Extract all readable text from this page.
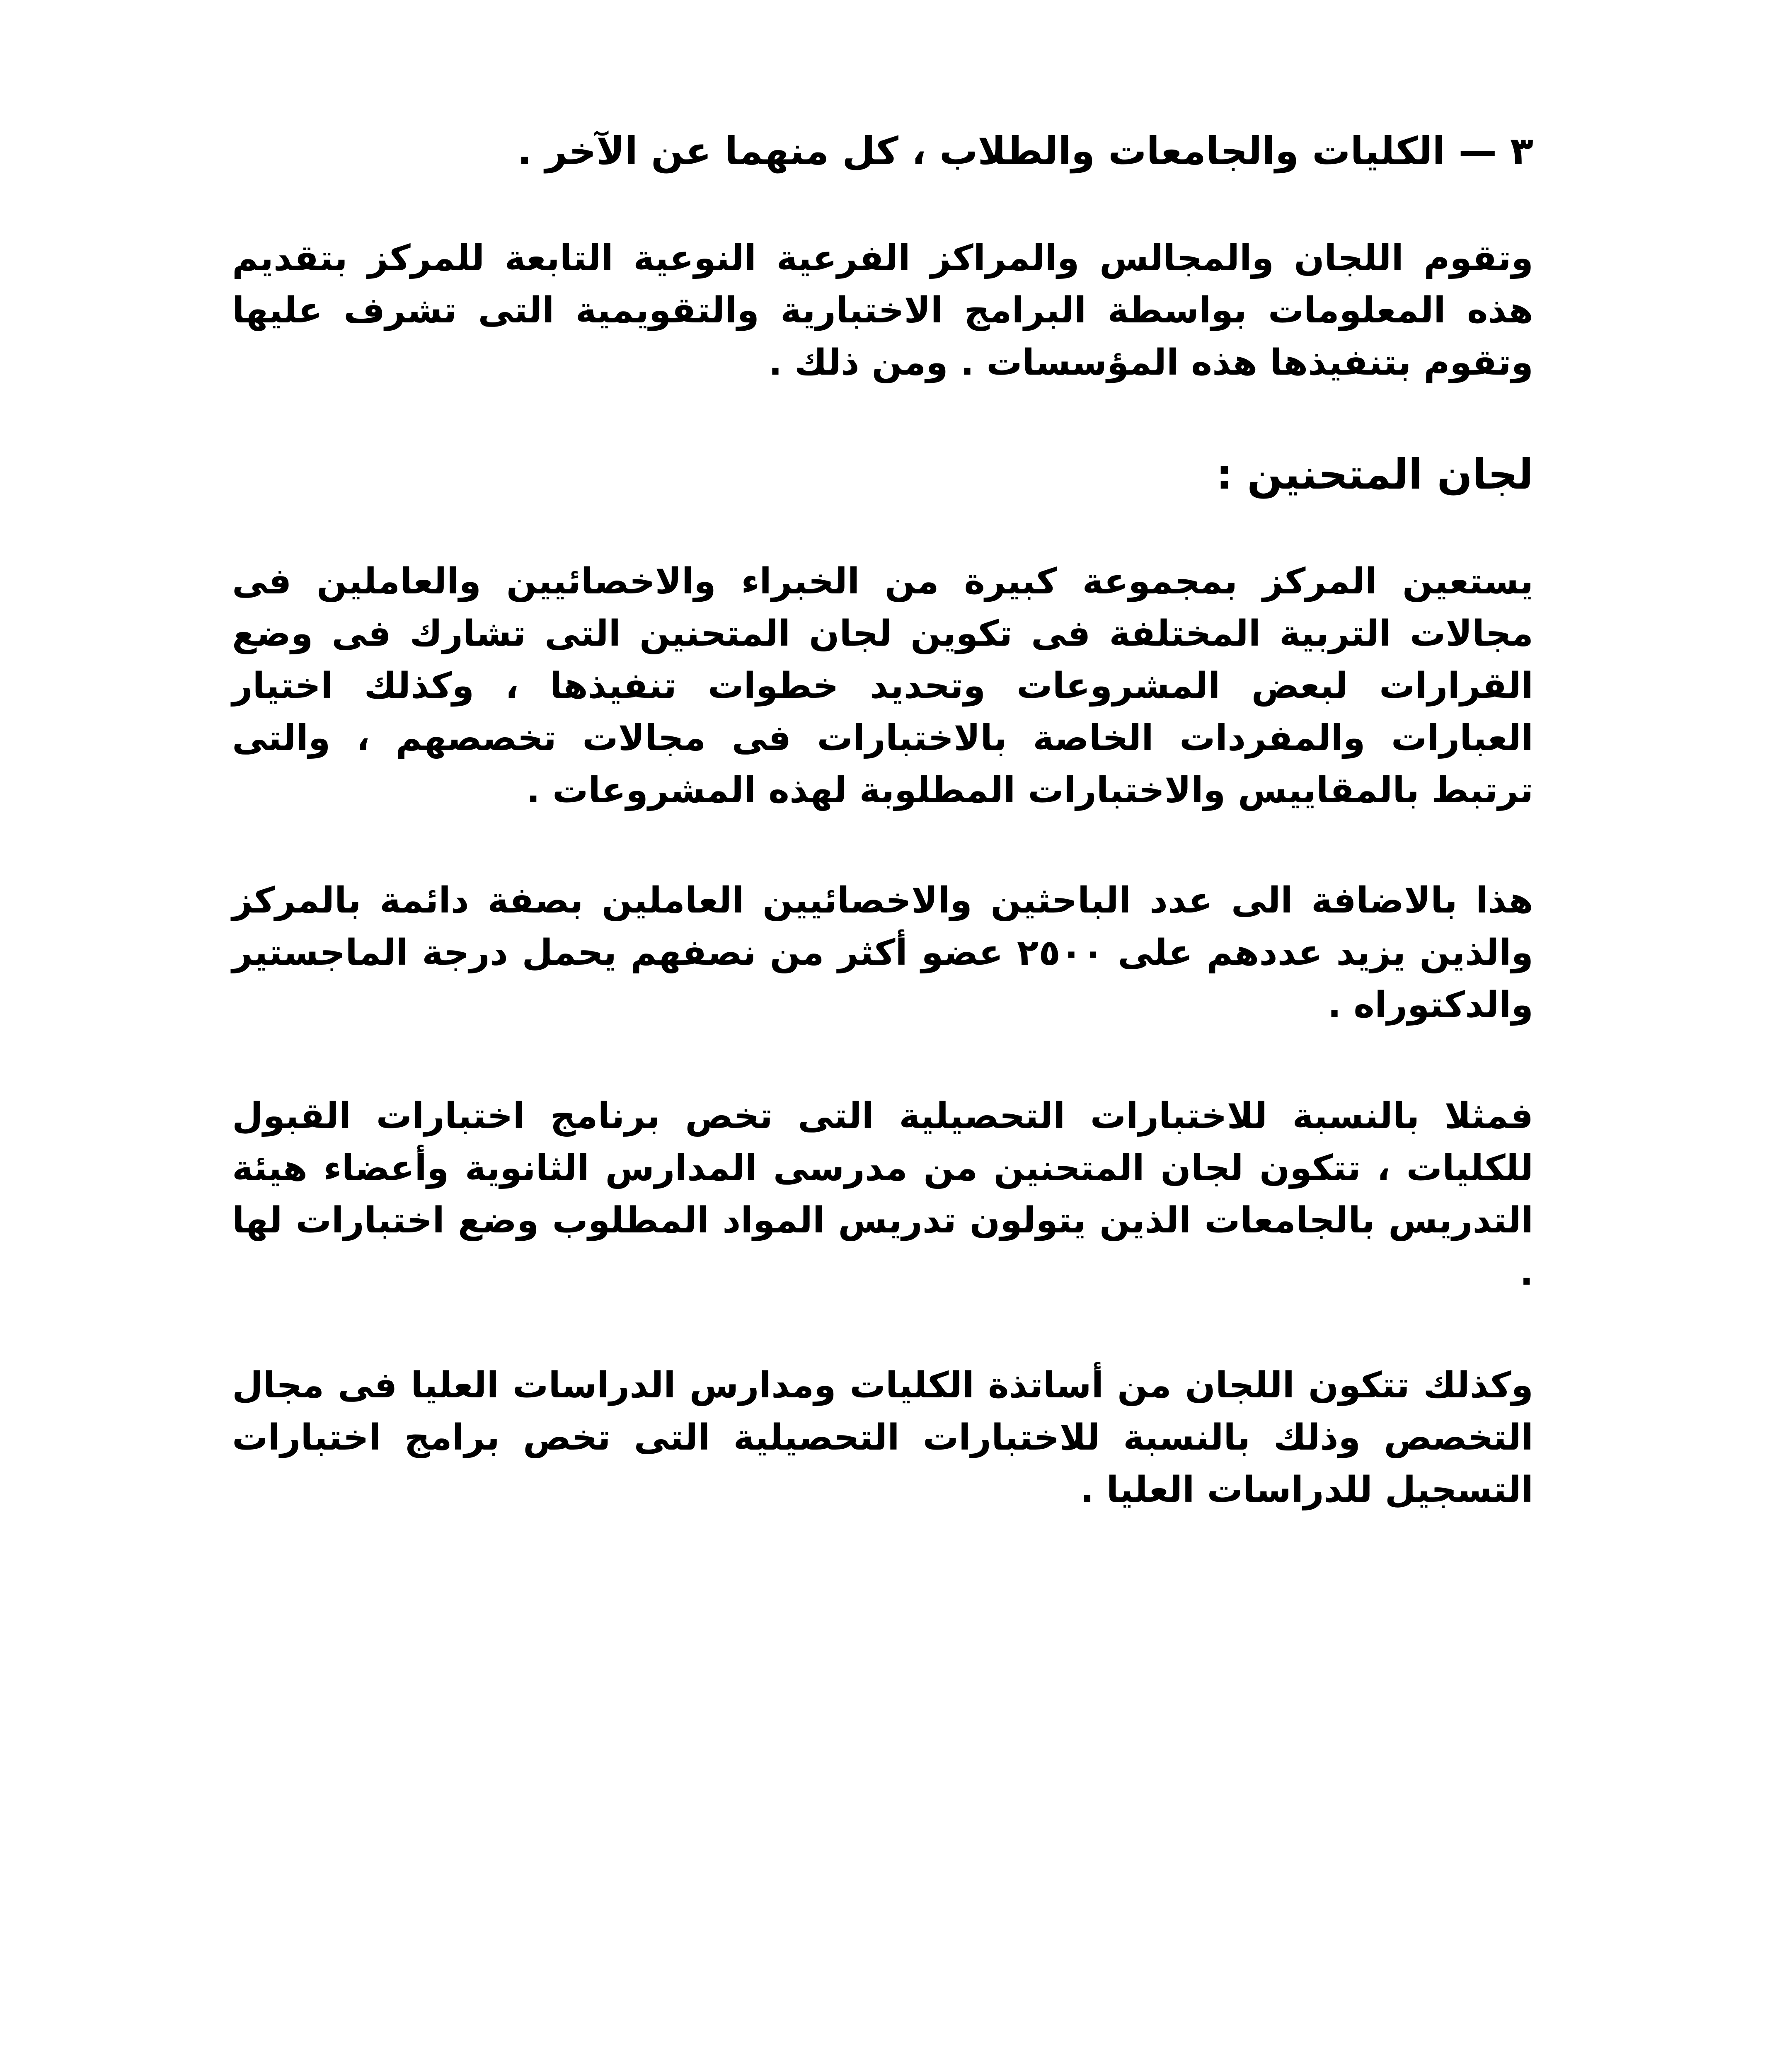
٣ — الكليات والجامعات والطلاب ، كل منهما عن الآخر .

وتقوم اللجان والمجالس والمراكز الفرعية النوعية التابعة للمركز بتقديم هذه المعلومات بواسطة البرامج الاختبارية والتقويمية التى تشرف عليها وتقوم بتنفيذها هذه المؤسسات . ومن ذلك .

لجان المتحنين :

يستعين المركز بمجموعة كبيرة من الخبراء والاخصائيين والعاملين فى مجالات التربية المختلفة فى تكوين لجان المتحنين التى تشارك فى وضع القرارات لبعض المشروعات وتحديد خطوات تنفيذها ، وكذلك اختيار العبارات والمفردات الخاصة بالاختبارات فى مجالات تخصصهم ، والتى ترتبط بالمقاييس والاختبارات المطلوبة لهذه المشروعات .

هذا بالاضافة الى عدد الباحثين والاخصائيين العاملين بصفة دائمة بالمركز والذين يزيد عددهم على ٢٥٠٠ عضو أكثر من نصفهم يحمل درجة الماجستير والدكتوراه .

فمثلا بالنسبة للاختبارات التحصيلية التى تخص برنامج اختبارات القبول للكليات ، تتكون لجان المتحنين من مدرسى المدارس الثانوية وأعضاء هيئة التدريس بالجامعات الذين يتولون تدريس المواد المطلوب وضع اختبارات لها .

وكذلك تتكون اللجان من أساتذة الكليات ومدارس الدراسات العليا فى مجال التخصص وذلك بالنسبة للاختبارات التحصيلية التى تخص برامج اختبارات التسجيل للدراسات العليا .
